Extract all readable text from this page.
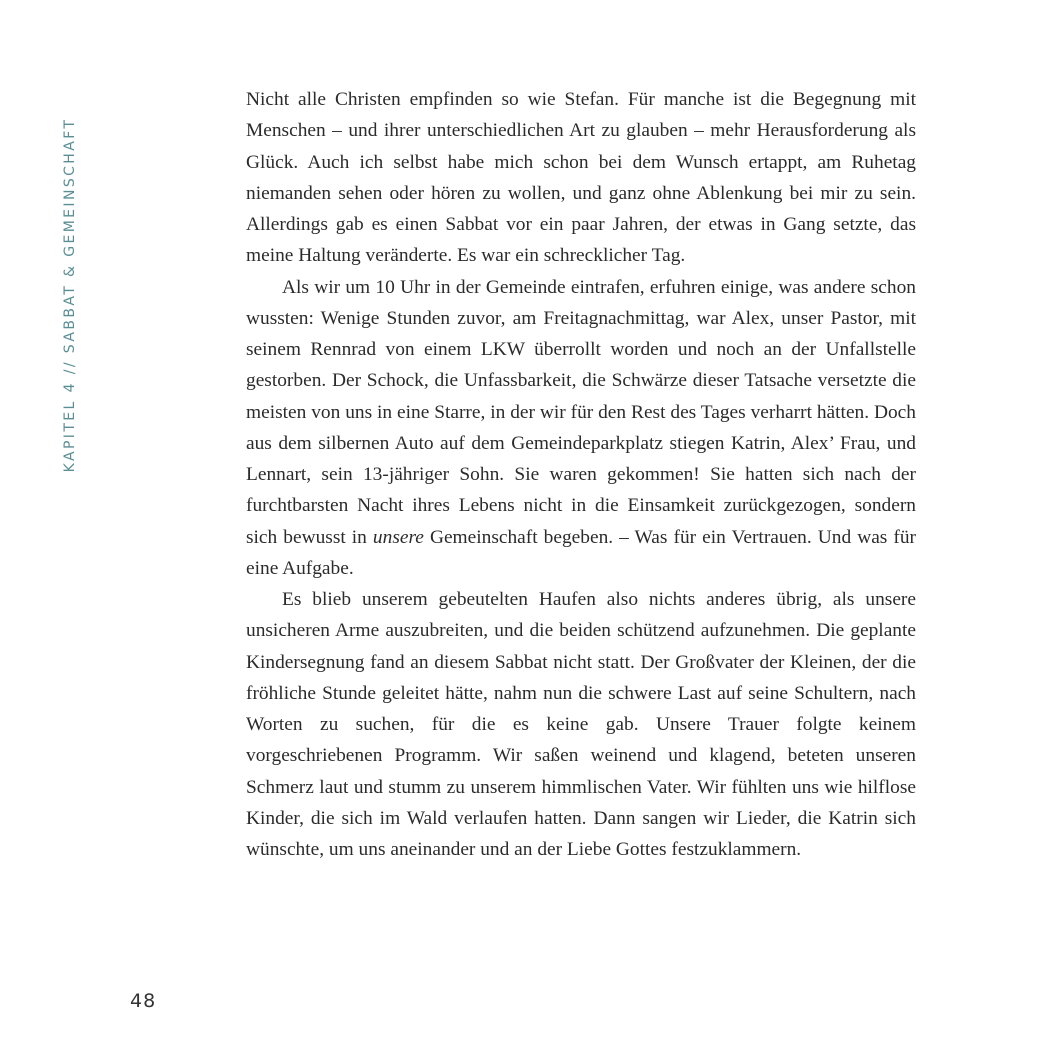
KAPITEL 4 // SABBAT & GEMEINSCHAFT

Nicht alle Christen empfinden so wie Stefan. Für manche ist die Begegnung mit Menschen – und ihrer unterschiedlichen Art zu glauben – mehr Herausforderung als Glück. Auch ich selbst habe mich schon bei dem Wunsch ertappt, am Ruhetag niemanden sehen oder hören zu wollen, und ganz ohne Ablenkung bei mir zu sein. Allerdings gab es einen Sabbat vor ein paar Jahren, der etwas in Gang setzte, das meine Haltung veränderte. Es war ein schrecklicher Tag.

Als wir um 10 Uhr in der Gemeinde eintrafen, erfuhren einige, was andere schon wussten: Wenige Stunden zuvor, am Freitagnachmittag, war Alex, unser Pastor, mit seinem Rennrad von einem LKW überrollt worden und noch an der Unfallstelle gestorben. Der Schock, die Unfassbarkeit, die Schwärze dieser Tatsache versetzte die meisten von uns in eine Starre, in der wir für den Rest des Tages verharrt hätten. Doch aus dem silbernen Auto auf dem Gemeindeparkplatz stiegen Katrin, Alex’ Frau, und Lennart, sein 13-jähriger Sohn. Sie waren gekommen! Sie hatten sich nach der furchtbarsten Nacht ihres Lebens nicht in die Einsamkeit zurückgezogen, sondern sich bewusst in unsere Gemeinschaft begeben. – Was für ein Vertrauen. Und was für eine Aufgabe.

Es blieb unserem gebeutelten Haufen also nichts anderes übrig, als unsere unsicheren Arme auszubreiten, und die beiden schützend aufzunehmen. Die geplante Kindersegnung fand an diesem Sabbat nicht statt. Der Großvater der Kleinen, der die fröhliche Stunde geleitet hätte, nahm nun die schwere Last auf seine Schultern, nach Worten zu suchen, für die es keine gab. Unsere Trauer folgte keinem vorgeschriebenen Programm. Wir saßen weinend und klagend, beteten unseren Schmerz laut und stumm zu unserem himmlischen Vater. Wir fühlten uns wie hilflose Kinder, die sich im Wald verlaufen hatten. Dann sangen wir Lieder, die Katrin sich wünschte, um uns aneinander und an der Liebe Gottes festzuklammern.

48
